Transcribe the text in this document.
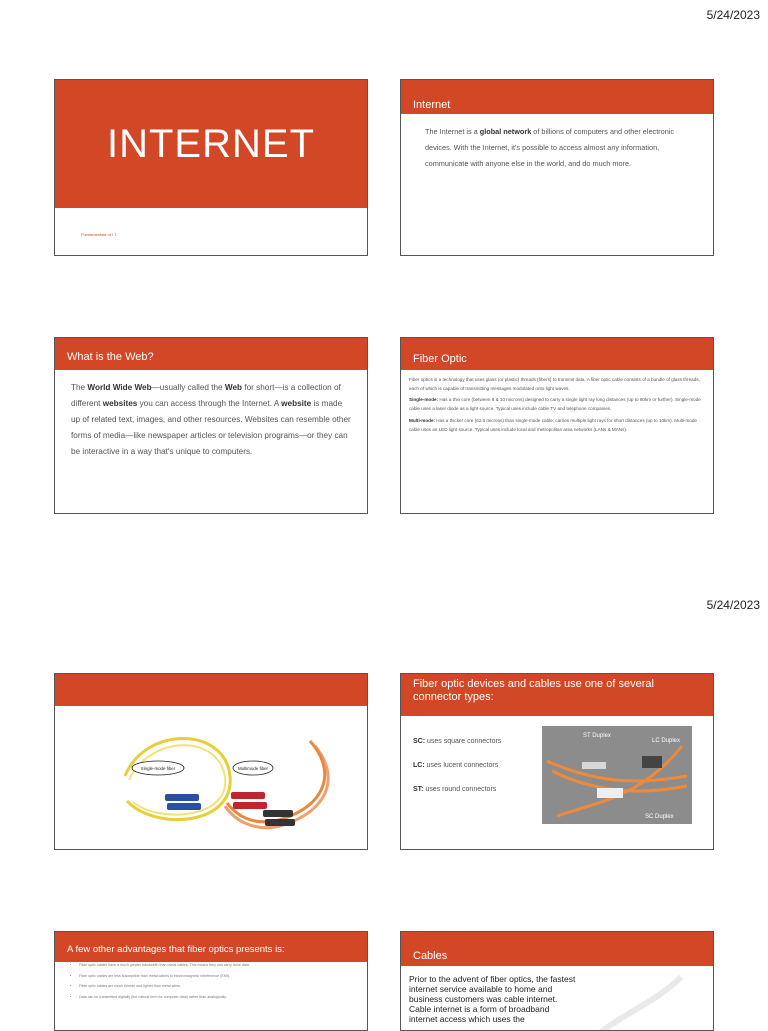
5/24/2023
INTERNET
Fundamentals of I.T.
Internet

The Internet is a global network of billions of computers and other electronic devices. With the Internet, it's possible to access almost any information, communicate with anyone else in the world, and do much more.

What is the Web?

The World Wide Web—usually called the Web for short—is a collection of different websites you can access through the Internet. A website is made up of related text, images, and other resources. Websites can resemble other forms of media—like newspaper articles or television programs—or they can be interactive in a way that's unique to computers.

Fiber Optic

Fiber optics is a technology that uses glass (or plastic) threads (fibers) to transmit data. A fiber optic cable consists of a bundle of glass threads, each of which is capable of transmitting messages modulated onto light waves.

Single-mode: Has a thin core (between 8 & 10 microns) designed to carry a single light ray long distances (up to 60km or further). Single-mode cable uses a laser diode as a light source. Typical uses include cable TV and telephone companies.

Multi-mode: Has a thicker core (62.5 microns) than single-mode cable; carries multiple light rays for short distances (up to 10km). Multi-mode cable uses an LED light source. Typical uses include local and metropolitan area networks (LANs & MANs).

5/24/2023
Single-mode fiber	Multimode fiber
Fiber optic devices and cables use one of several connector types:
SC: uses square connectors
LC: uses lucent connectors
ST: uses round connectors
ST Duplex
LC Duplex
SC Duplex
A few other advantages that fiber optics presents is:
• Fiber optic cables have a much greater bandwidth than metal cables. This means they can carry more data.
• Fiber optic cables are less susceptible than metal cables to electromagnetic interference (EMI).
• Fiber optic cables are much thinner and lighter than metal wires.
• Data can be transmitted digitally (the natural form for computer data) rather than analogically.
Cables
Prior to the advent of fiber optics, the fastest internet service available to home and business customers was cable internet. Cable internet is a form of broadband internet access which uses the
